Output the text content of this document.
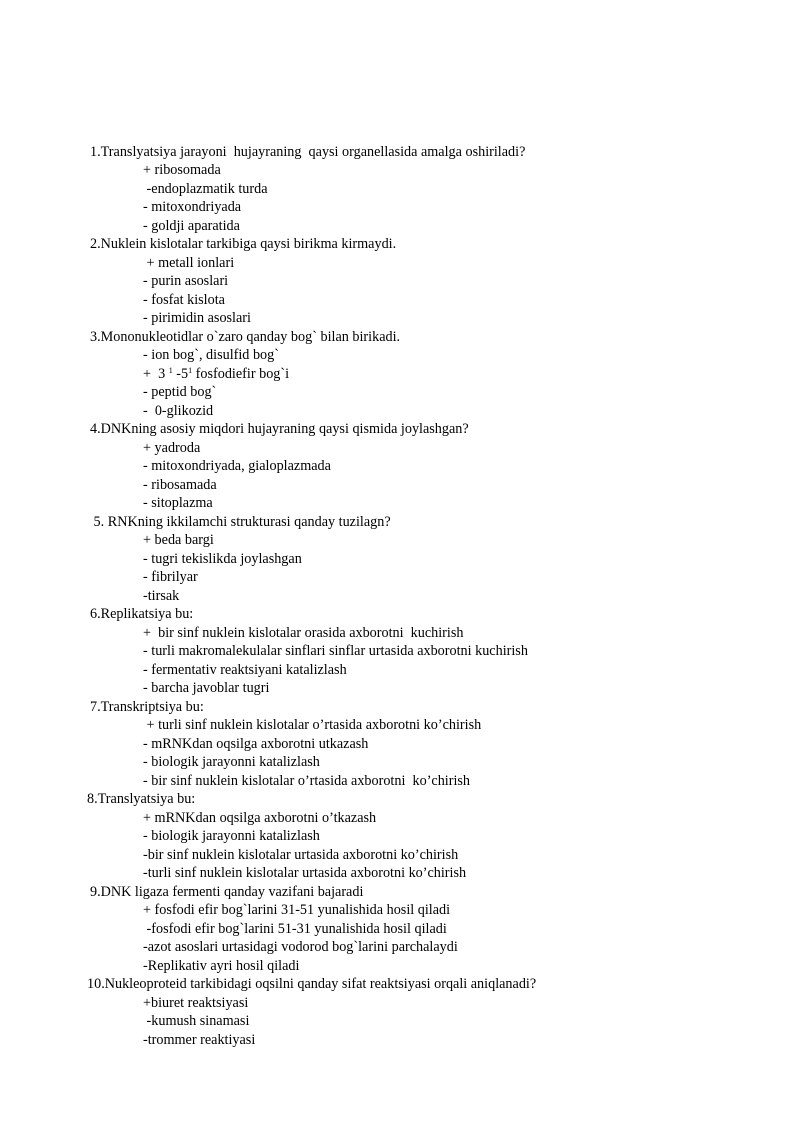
1.Translyatsiya jarayoni  hujayraning  qaysi organellasida amalga oshiriladi?
+ ribosomada
-endoplazmatik turda
- mitoxondriyada
- goldji aparatida
2.Nuklein kislotalar tarkibiga qaysi birikma kirmaydi.
+ metall ionlari
- purin asoslari
- fosfat kislota
- pirimidin asoslari
3.Mononukleotidlar o`zaro qanday bog` bilan birikadi.
- ion bog`, disulfid bog`
+  3 $^1$ $-5^1$ fosfodiefir bog`i
- peptid bog`
-  0-glikozid
4.DNKning asosiy miqdori hujayraning qaysi qismida joylashgan?
+ yadroda
- mitoxondriyada, gialoplazmada
- ribosamada
- sitoplazma
5. RNKning ikkilamchi strukturasi qanday tuzilagn?
+ beda bargi
- tugri tekislikda joylashgan
- fibrilyar
-tirsak
6.Replikatsiya bu:
+  bir sinf nuklein kislotalar orasida axborotni  kuchirish
- turli makromalekulalar sinflari sinflar urtasida axborotni kuchirish
- fermentativ reaktsiyani katalizlash
- barcha javoblar tugri
7.Transkriptsiya bu:
+ turli sinf nuklein kislotalar o’rtasida axborotni ko’chirish
- mRNKdan oqsilga axborotni utkazash
- biologik jarayonni katalizlash
- bir sinf nuklein kislotalar o’rtasida axborotni  ko’chirish
8.Translyatsiya bu:
+ mRNKdan oqsilga axborotni o’tkazash
- biologik jarayonni katalizlash
-bir sinf nuklein kislotalar urtasida axborotni ko’chirish
-turli sinf nuklein kislotalar urtasida axborotni ko’chirish
9.DNK ligaza fermenti qanday vazifani bajaradi
+ fosfodi efir bog`larini 31-51 yunalishida hosil qiladi
-fosfodi efir bog`larini 51-31 yunalishida hosil qiladi
-azot asoslari urtasidagi vodorod bog`larini parchalaydi
-Replikativ ayri hosil qiladi
10.Nukleoproteid tarkibidagi oqsilni qanday sifat reaktsiyasi orqali aniqlanadi?
+biuret reaktsiyasi
-kumush sinamasi
-trommer reaktiyasi
